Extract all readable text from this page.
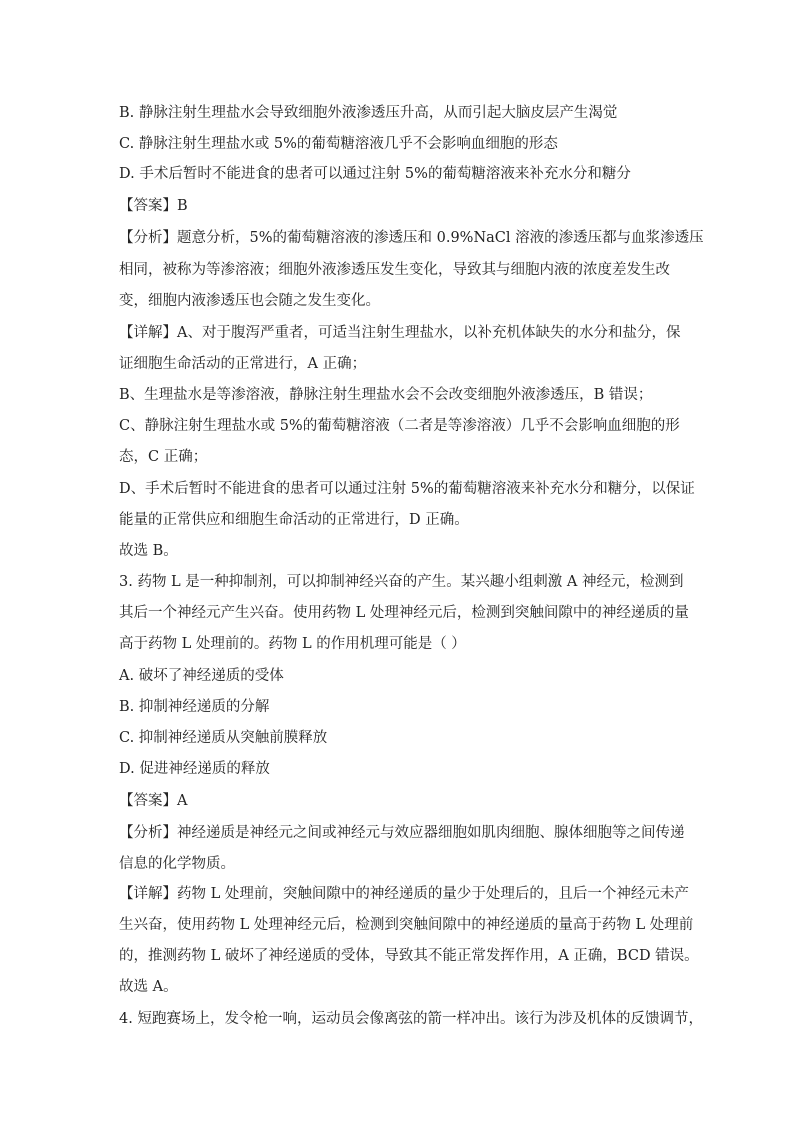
B. 静脉注射生理盐水会导致细胞外液渗透压升高，从而引起大脑皮层产生渴觉
C. 静脉注射生理盐水或 5%的葡萄糖溶液几乎不会影响血细胞的形态
D. 手术后暂时不能进食的患者可以通过注射 5%的葡萄糖溶液来补充水分和糖分
【答案】B
【分析】题意分析，5%的葡萄糖溶液的渗透压和 0.9%NaCl 溶液的渗透压都与血浆渗透压
相同，被称为等渗溶液；细胞外液渗透压发生变化，导致其与细胞内液的浓度差发生改
变，细胞内液渗透压也会随之发生变化。
【详解】A、对于腹泻严重者，可适当注射生理盐水，以补充机体缺失的水分和盐分，保
证细胞生命活动的正常进行，A 正确；
B、生理盐水是等渗溶液，静脉注射生理盐水会不会改变细胞外液渗透压，B 错误；
C、静脉注射生理盐水或 5%的葡萄糖溶液（二者是等渗溶液）几乎不会影响血细胞的形
态，C 正确；
D、手术后暂时不能进食的患者可以通过注射 5%的葡萄糖溶液来补充水分和糖分，以保证
能量的正常供应和细胞生命活动的正常进行，D 正确。
故选 B。
3. 药物 L 是一种抑制剂，可以抑制神经兴奋的产生。某兴趣小组刺激 A 神经元，检测到
其后一个神经元产生兴奋。使用药物 L 处理神经元后，检测到突触间隙中的神经递质的量
高于药物 L 处理前的。药物 L 的作用机理可能是（ ）
A. 破坏了神经递质的受体
B. 抑制神经递质的分解
C. 抑制神经递质从突触前膜释放
D. 促进神经递质的释放
【答案】A
【分析】神经递质是神经元之间或神经元与效应器细胞如肌肉细胞、腺体细胞等之间传递
信息的化学物质。
【详解】药物 L 处理前，突触间隙中的神经递质的量少于处理后的，且后一个神经元未产
生兴奋，使用药物 L 处理神经元后，检测到突触间隙中的神经递质的量高于药物 L 处理前
的，推测药物 L 破坏了神经递质的受体，导致其不能正常发挥作用，A 正确，BCD 错误。
故选 A。
4. 短跑赛场上，发令枪一响，运动员会像离弦的箭一样冲出。该行为涉及机体的反馈调节，
